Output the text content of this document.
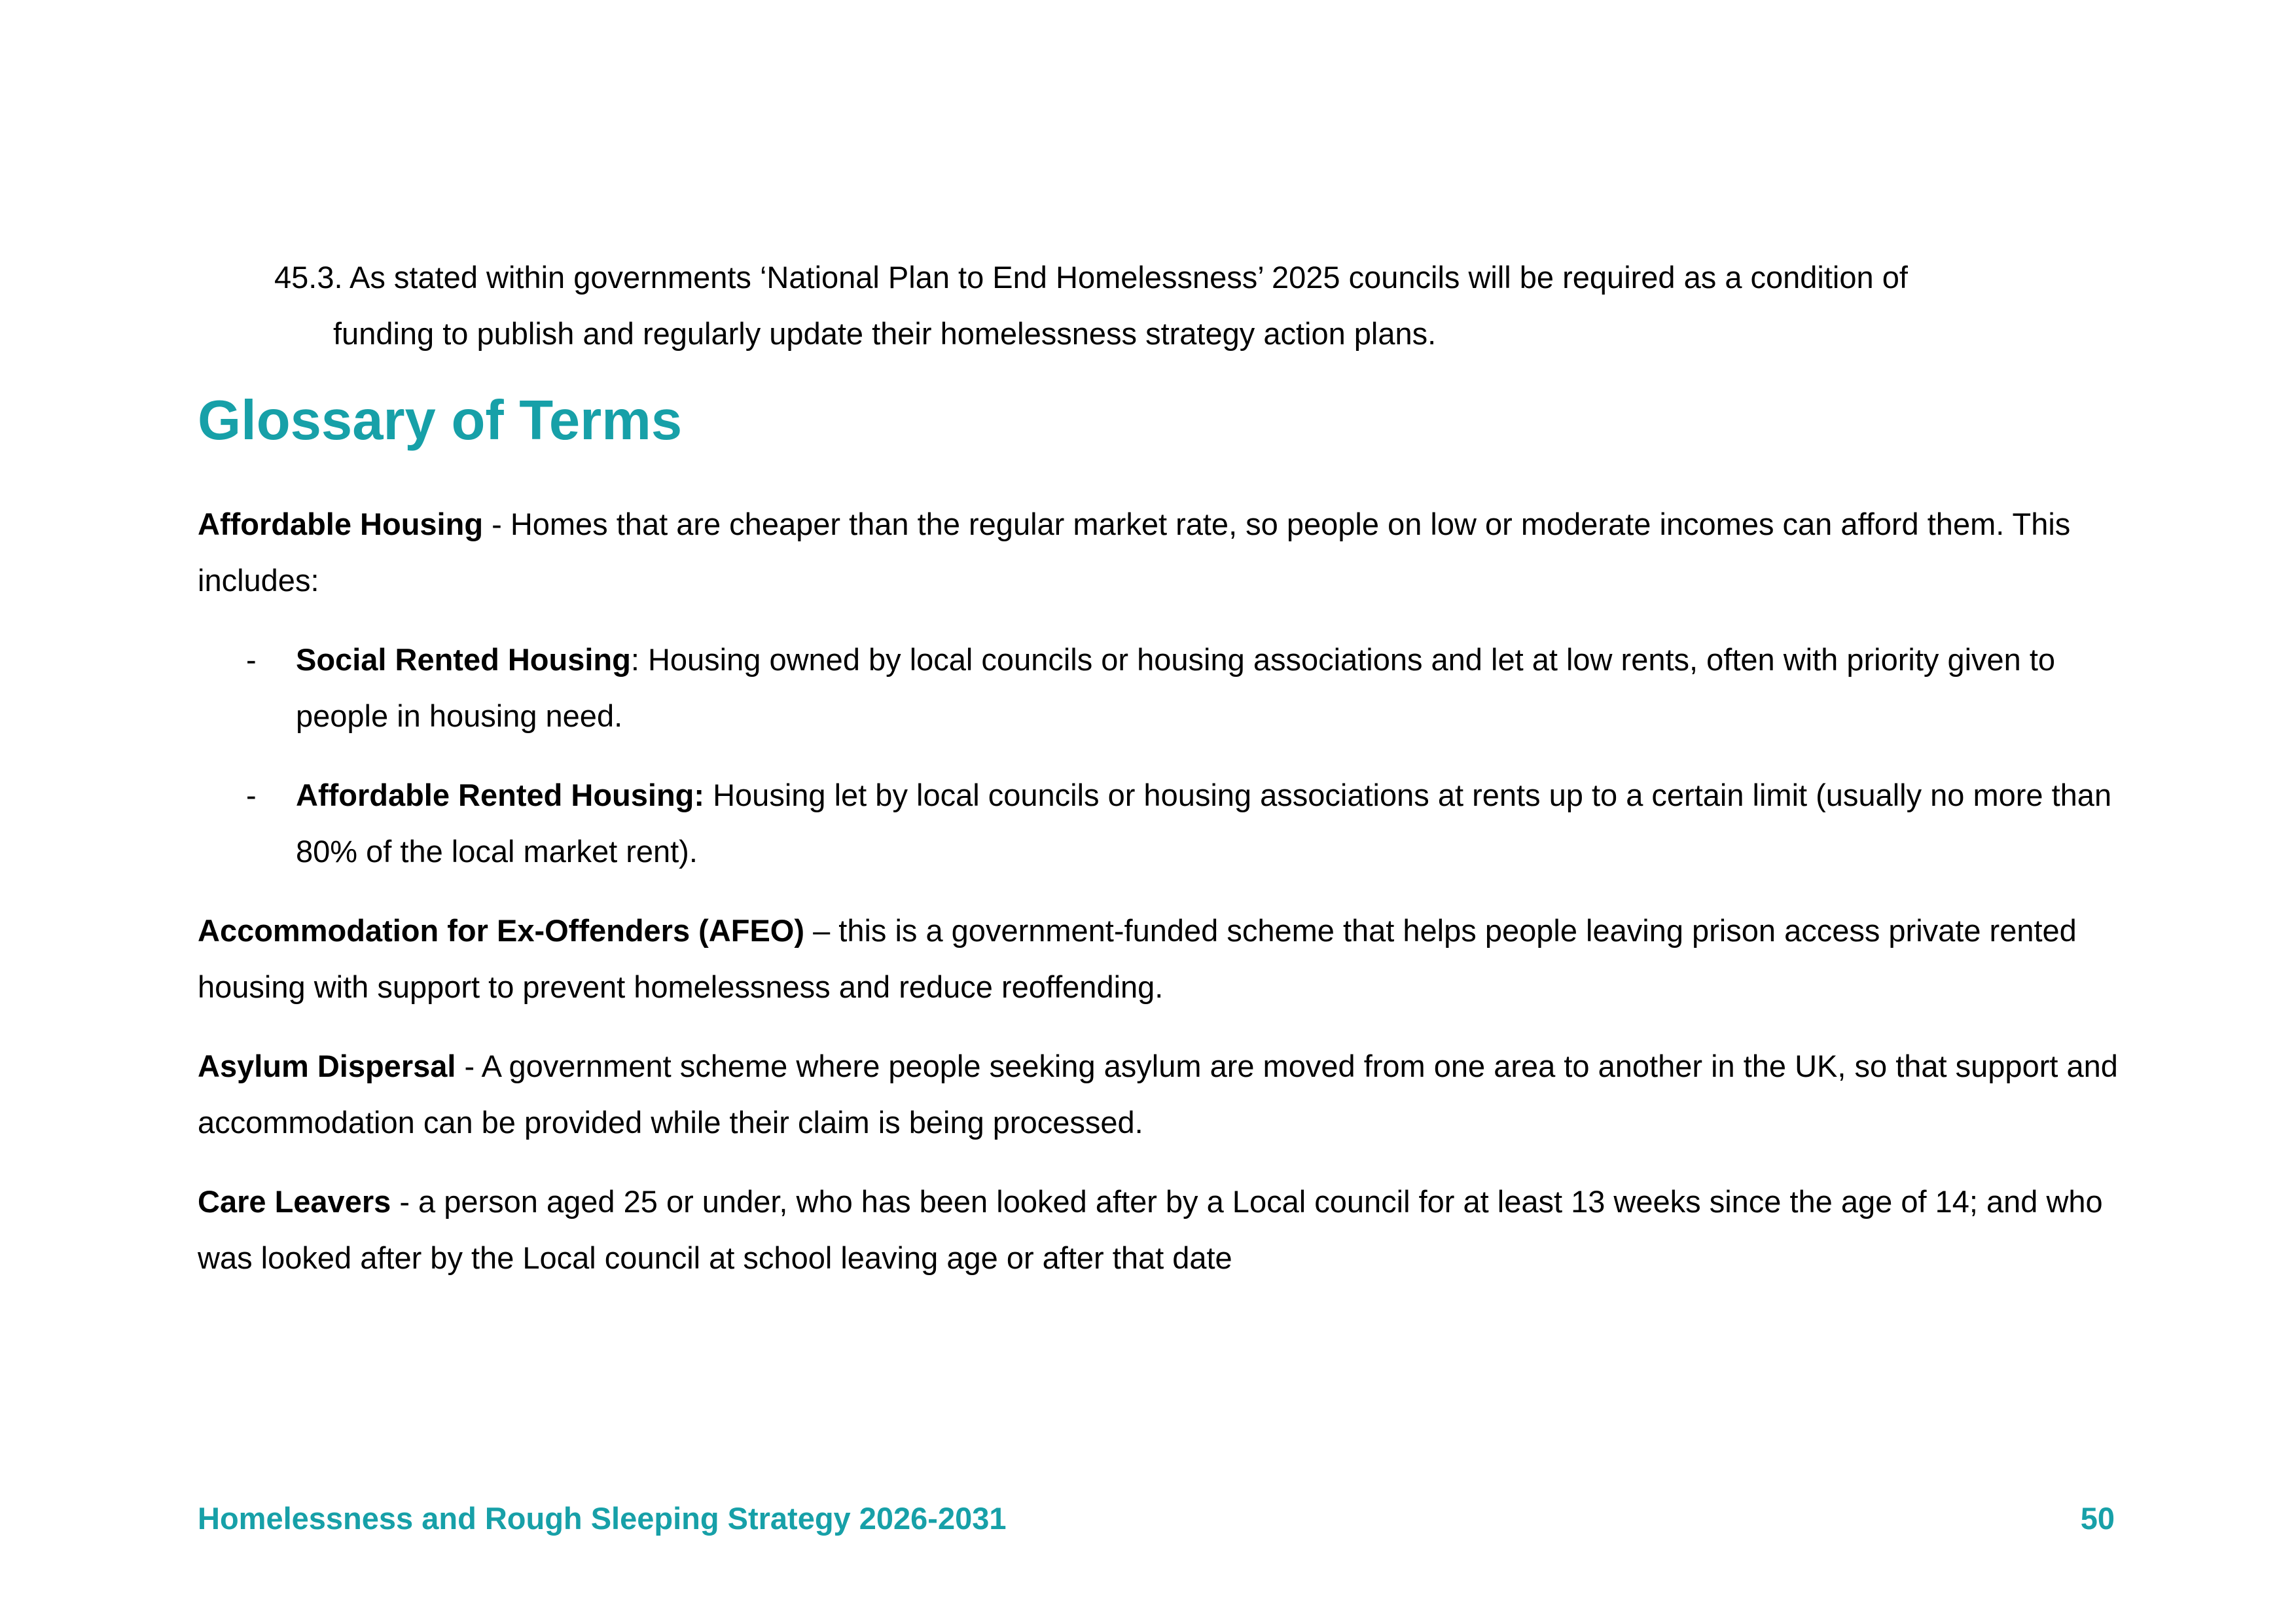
45.3. As stated within governments ‘National Plan to End Homelessness’ 2025 councils will be required as a condition of
funding to publish and regularly update their homelessness strategy action plans.
Glossary of Terms

Affordable Housing - Homes that are cheaper than the regular market rate, so people on low or moderate incomes can afford them. This includes:

- Social Rented Housing: Housing owned by local councils or housing associations and let at low rents, often with priority given to people in housing need.
- Affordable Rented Housing: Housing let by local councils or housing associations at rents up to a certain limit (usually no more than 80% of the local market rent).

Accommodation for Ex-Offenders (AFEO) – this is a government-funded scheme that helps people leaving prison access private rented housing with support to prevent homelessness and reduce reoffending.

Asylum Dispersal - A government scheme where people seeking asylum are moved from one area to another in the UK, so that support and accommodation can be provided while their claim is being processed.

Care Leavers - a person aged 25 or under, who has been looked after by a Local council for at least 13 weeks since the age of 14; and who was looked after by the Local council at school leaving age or after that date

Homelessness and Rough Sleeping Strategy 2026-2031	50
